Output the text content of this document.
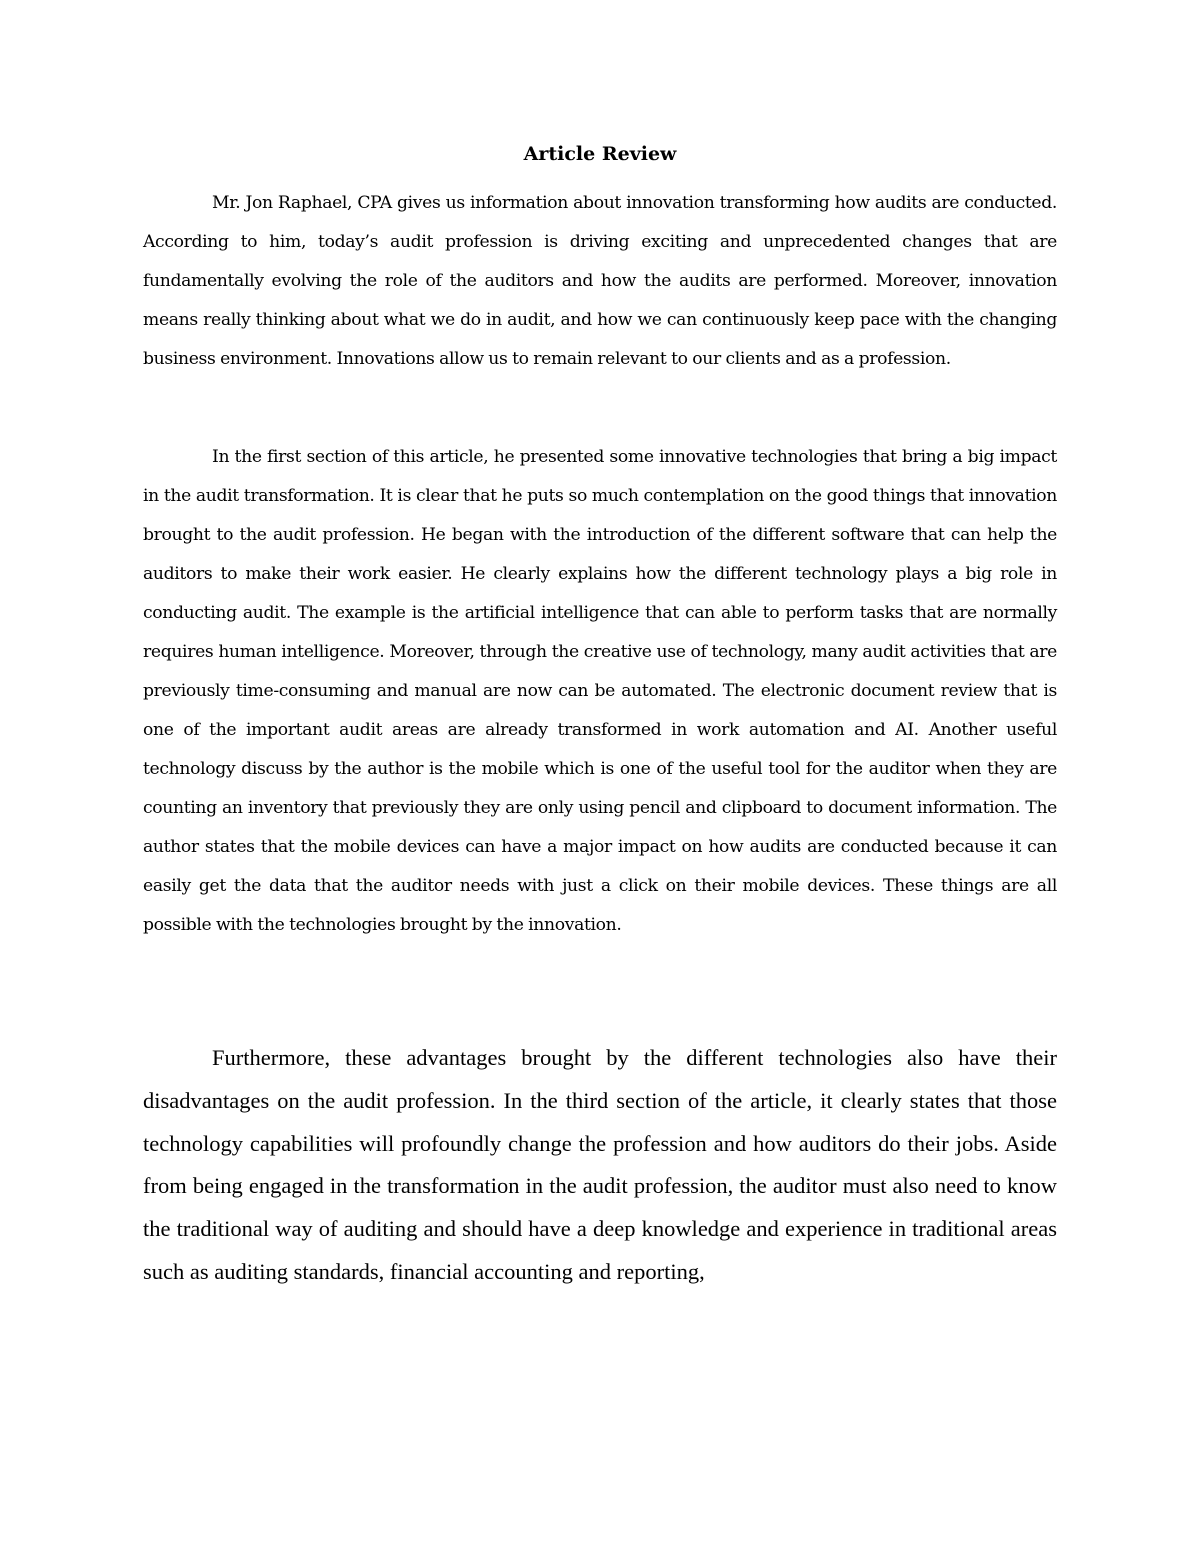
Article Review

Mr. Jon Raphael, CPA gives us information about innovation transforming how audits are conducted. According to him, today’s audit profession is driving exciting and unprecedented changes that are fundamentally evolving the role of the auditors and how the audits are performed. Moreover, innovation means really thinking about what we do in audit, and how we can continuously keep pace with the changing business environment. Innovations allow us to remain relevant to our clients and as a profession.

In the first section of this article, he presented some innovative technologies that bring a big impact in the audit transformation. It is clear that he puts so much contemplation on the good things that innovation brought to the audit profession. He began with the introduction of the different software that can help the auditors to make their work easier. He clearly explains how the different technology plays a big role in conducting audit. The example is the artificial intelligence that can able to perform tasks that are normally requires human intelligence. Moreover, through the creative use of technology, many audit activities that are previously time-consuming and manual are now can be automated. The electronic document review that is one of the important audit areas are already transformed in work automation and AI. Another useful technology discuss by the author is the mobile which is one of the useful tool for the auditor when they are counting an inventory that previously they are only using pencil and clipboard to document information. The author states that the mobile devices can have a major impact on how audits are conducted because it can easily get the data that the auditor needs with just a click on their mobile devices. These things are all possible with the technologies brought by the innovation.

Furthermore, these advantages brought by the different technologies also have their disadvantages on the audit profession. In the third section of the article, it clearly states that those technology capabilities will profoundly change the profession and how auditors do their jobs. Aside from being engaged in the transformation in the audit profession, the auditor must also need to know the traditional way of auditing and should have a deep knowledge and experience in traditional areas such as auditing standards, financial accounting and reporting,
